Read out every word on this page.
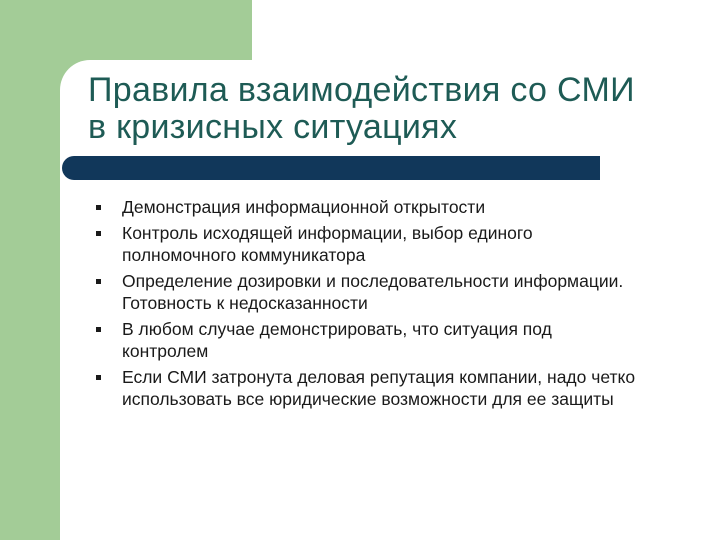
Правила взаимодействия со СМИ
в кризисных ситуациях
Демонстрация информационной открытости
Контроль исходящей информации, выбор единого полномочного коммуникатора
Определение дозировки и последовательности информации. Готовность к недосказанности
В любом случае демонстрировать, что ситуация под контролем
Если СМИ затронута деловая репутация компании, надо четко использовать все юридические возможности для ее защиты
